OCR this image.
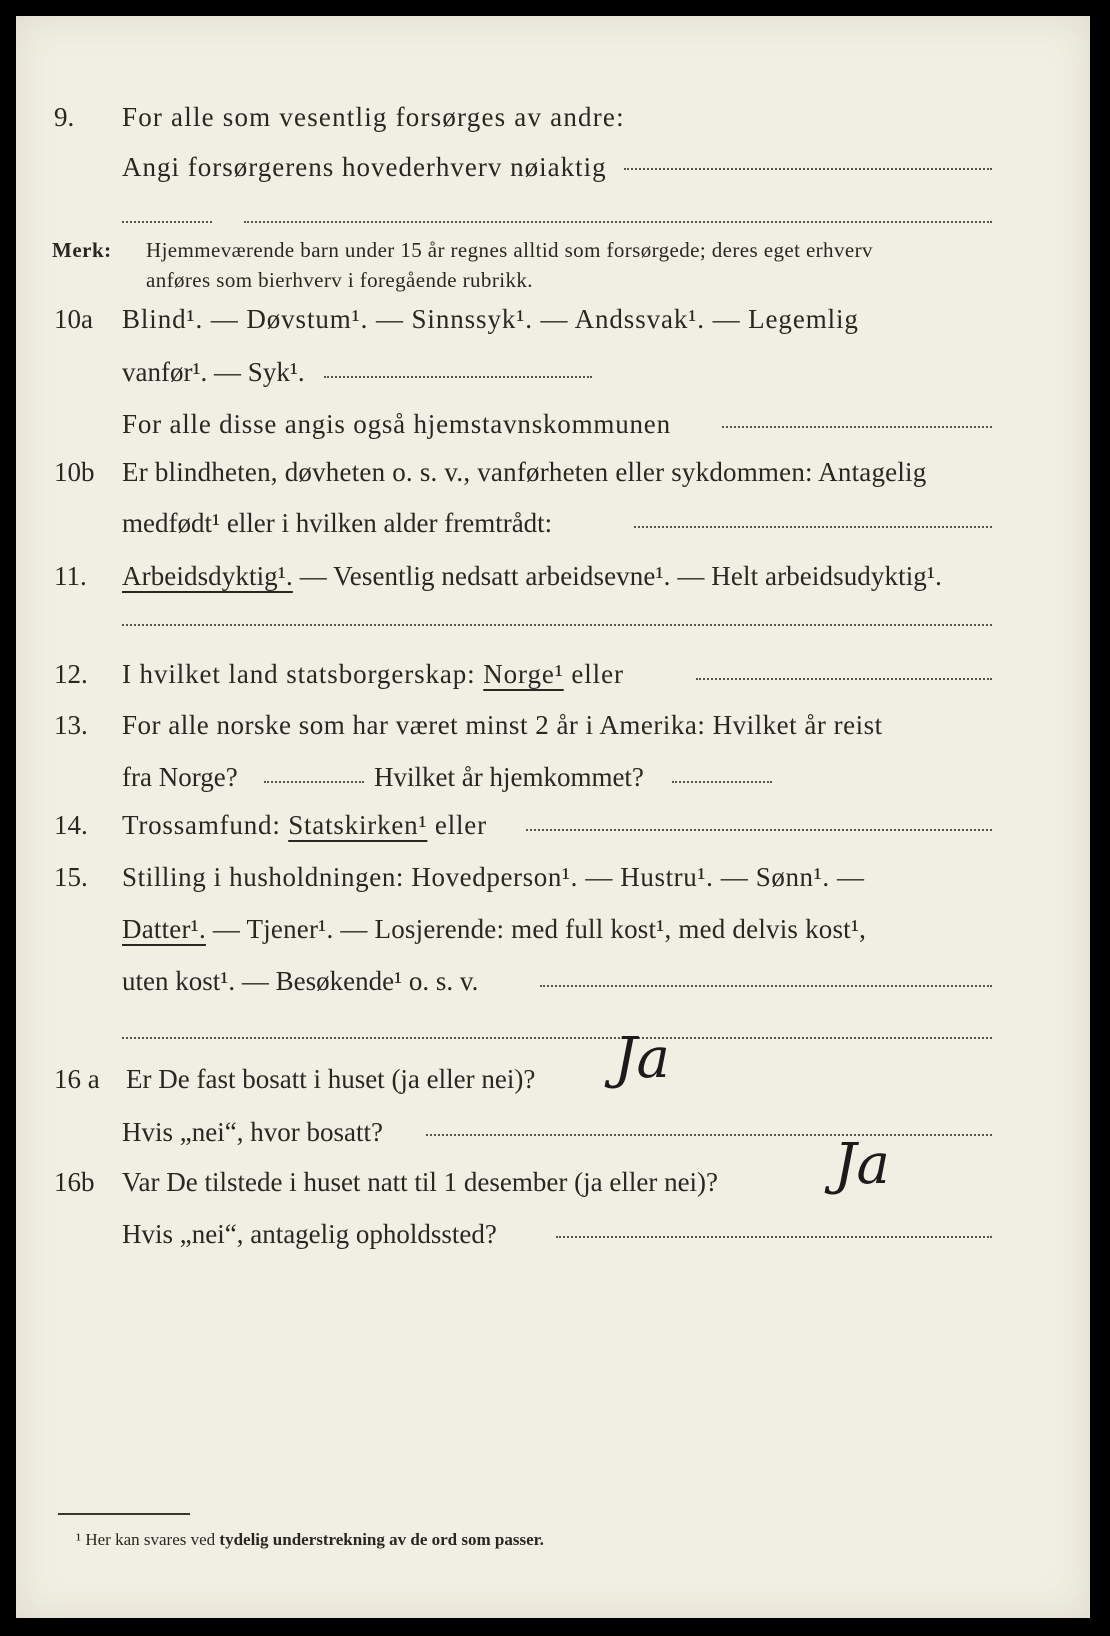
9. For alle som vesentlig forsørges av andre:
Angi forsørgerens hovederhverv nøiaktig
Merk: Hjemmeværende barn under 15 år regnes alltid som forsørgede; deres eget erhverv
anføres som bierhverv i foregående rubrikk.
10a Blind¹. — Døvstum¹. — Sinnssyk¹. — Andssvak¹. — Legemlig
vanfør¹. — Syk¹.
For alle disse angis også hjemstavnskommunen
10b Er blindheten, døvheten o. s. v., vanførheten eller sykdommen: Antagelig
medfødt¹ eller i hvilken alder fremtrådt:
11. Arbeidsdyktig¹. — Vesentlig nedsatt arbeidsevne¹. — Helt arbeidsudyktig¹.
12. I hvilket land statsborgerskap: Norge¹ eller
13. For alle norske som har været minst 2 år i Amerika: Hvilket år reist
fra Norge?	Hvilket år hjemkommet?
14. Trossamfund: Statskirken¹ eller
15. Stilling i husholdningen: Hovedperson¹. — Hustru¹. — Sønn¹. —
Datter¹. — Tjener¹. — Losjerende: med full kost¹, med delvis kost¹,
uten kost¹. — Besøkende¹ o. s. v.
16 a Er De fast bosatt i huset (ja eller nei)? Ja
Hvis „nei“, hvor bosatt?
16b Var De tilstede i huset natt til 1 desember (ja eller nei)? Ja
Hvis „nei“, antagelig opholdssted?
¹ Her kan svares ved tydelig understrekning av de ord som passer.
